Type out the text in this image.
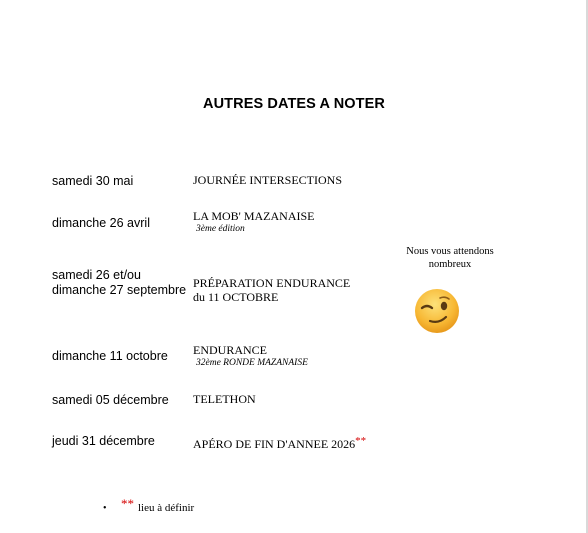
AUTRES DATES A NOTER
samedi 30 mai	JOURNÉE INTERSECTIONS
dimanche 26 avril	LA MOB' MAZANAISE
3ème édition
samedi 26 et/ou
dimanche 27 septembre PRÉPARATION ENDURANCE
du 11 OCTOBRE
dimanche 11 octobre ENDURANCE
32ème RONDE MAZANAISE
samedi 05 décembre TELETHON
jeudi 31 décembre	APÉRO DE FIN D'ANNEE 2026**
Nous vous attendons nombreux
• ** lieu à définir
